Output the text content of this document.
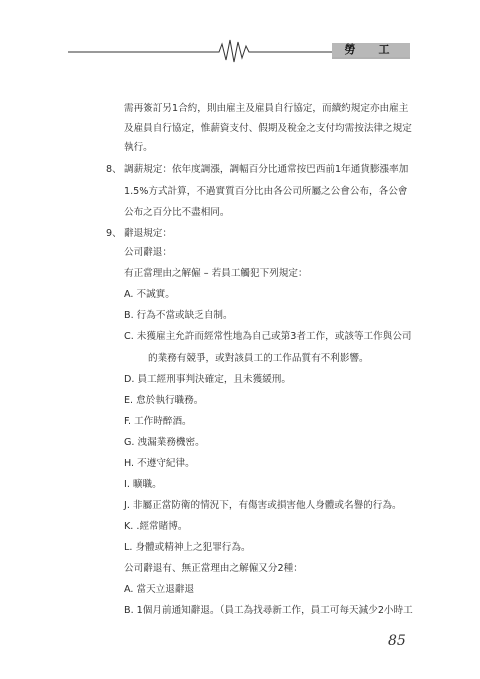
勞　工
需再簽訂另1合約，則由雇主及雇員自行協定，而續約規定亦由雇主
及雇員自行協定，惟薪資支付、假期及稅金之支付均需按法律之規定
執行。
8、 調薪規定：依年度調漲，調幅百分比通常按巴西前1年通貨膨漲率加
1.5%方式計算，不過實質百分比由各公司所屬之公會公布，各公會
公布之百分比不盡相同。
9、 辭退規定：
公司辭退：
有正當理由之解僱 – 若員工觸犯下列規定：
A. 不誠實。
B. 行為不當或缺乏自制。
C. 未獲雇主允許而經常性地為自己或第3者工作，或該等工作與公司
的業務有競爭，或對該員工的工作品質有不利影響。
D. 員工經刑事判決確定，且未獲緩刑。
E. 怠於執行職務。
F. 工作時醉酒。
G. 洩漏業務機密。
H. 不遵守紀律。
I. 曠職。
J. 非屬正當防衛的情況下，有傷害或損害他人身體或名譽的行為。
K. .經常賭博。
L. 身體或精神上之犯罪行為。
公司辭退有、無正當理由之解僱又分2種：
A. 當天立退辭退
B. 1個月前通知辭退。（員工為找尋新工作，員工可每天減少2小時工
85
